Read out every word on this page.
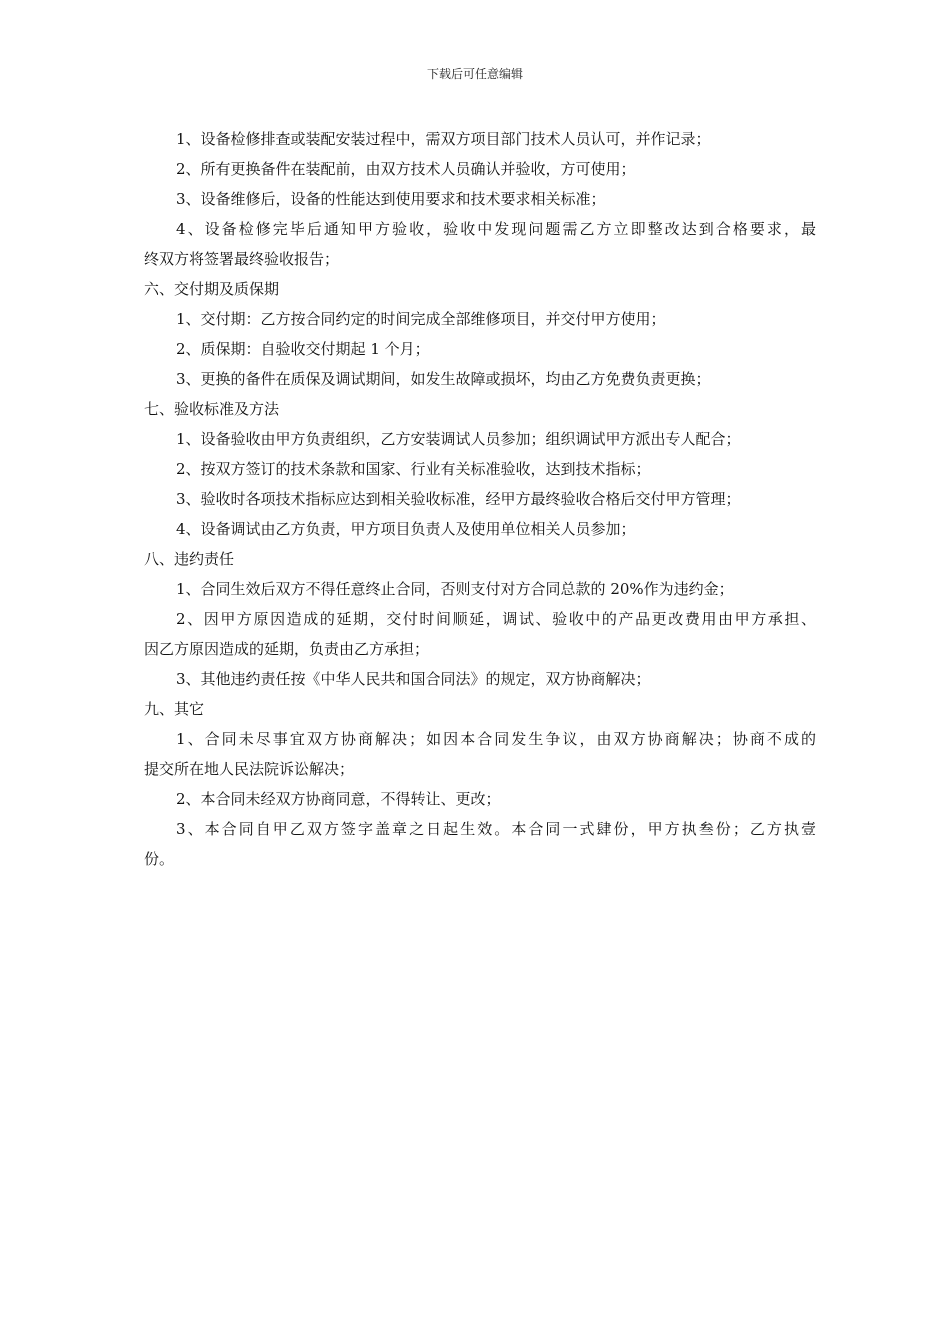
下载后可任意编辑
1、设备检修排查或装配安装过程中，需双方项目部门技术人员认可，并作记录；
2、所有更换备件在装配前，由双方技术人员确认并验收，方可使用；
3、设备维修后，设备的性能达到使用要求和技术要求相关标准；
4、设备检修完毕后通知甲方验收，验收中发现问题需乙方立即整改达到合格要求，最
终双方将签署最终验收报告；
六、交付期及质保期
1、交付期：乙方按合同约定的时间完成全部维修项目，并交付甲方使用；
2、质保期：自验收交付期起 1 个月；
3、更换的备件在质保及调试期间，如发生故障或损坏，均由乙方免费负责更换；
七、验收标准及方法
1、设备验收由甲方负责组织，乙方安装调试人员参加；组织调试甲方派出专人配合；
2、按双方签订的技术条款和国家、行业有关标准验收，达到技术指标；
3、验收时各项技术指标应达到相关验收标准，经甲方最终验收合格后交付甲方管理；
4、设备调试由乙方负责，甲方项目负责人及使用单位相关人员参加；
八、违约责任
1、合同生效后双方不得任意终止合同，否则支付对方合同总款的 20%作为违约金；
2、因甲方原因造成的延期，交付时间顺延，调试、验收中的产品更改费用由甲方承担、
因乙方原因造成的延期，负责由乙方承担；
3、其他违约责任按《中华人民共和国合同法》的规定，双方协商解决；
九、其它
1、合同未尽事宜双方协商解决；如因本合同发生争议，由双方协商解决；协商不成的
提交所在地人民法院诉讼解决；
2、本合同未经双方协商同意，不得转让、更改；
3、本合同自甲乙双方签字盖章之日起生效。本合同一式肆份，甲方执叁份；乙方执壹
份。
